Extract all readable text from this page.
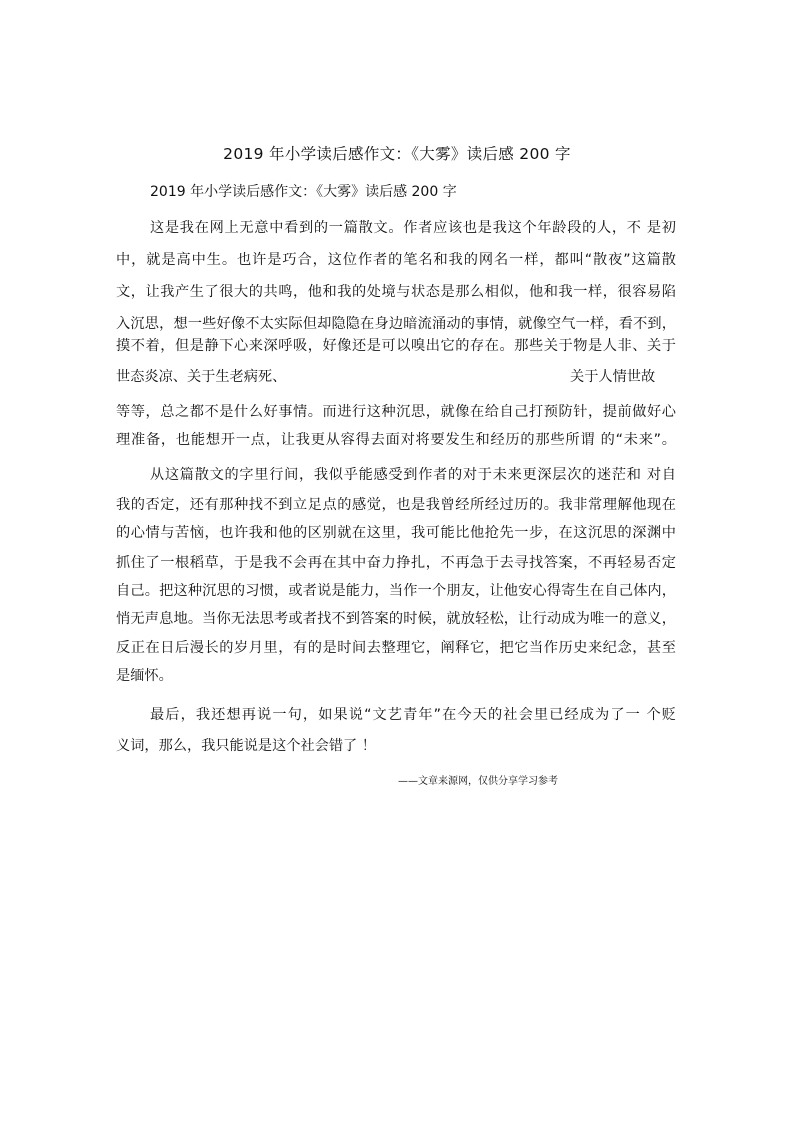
2019 年小学读后感作文：《大雾》读后感 200 字
2019 年小学读后感作文：《大雾》读后感 200 字
这是我在网上无意中看到的一篇散文。作者应该也是我这个年龄段的人，不 是初
中，就是高中生。也许是巧合，这位作者的笔名和我的网名一样，都叫“散夜”这篇散
文，让我产生了很大的共鸣，他和我的处境与状态是那么相似，他和我一样，很容易陷
入沉思，想一些好像不太实际但却隐隐在身边暗流涌动的事情，就像空气一样，看不到，
摸不着，但是静下心来深呼吸，好像还是可以嗅出它的存在。那些关于物是人非、关于
世态炎凉、关于生老病死、	关于人情世故
等等，总之都不是什么好事情。而进行这种沉思，就像在给自己打预防针，提前做好心
理准备，也能想开一点，让我更从容得去面对将要发生和经历的那些所谓 的“未来”。
从这篇散文的字里行间，我似乎能感受到作者的对于未来更深层次的迷茫和 对自
我的否定，还有那种找不到立足点的感觉，也是我曾经所经过历的。我非常理解他现在
的心情与苦恼，也许我和他的区别就在这里，我可能比他抢先一步，在这沉思的深渊中
抓住了一根稻草，于是我不会再在其中奋力挣扎，不再急于去寻找答案，不再轻易否定
自己。把这种沉思的习惯，或者说是能力，当作一个朋友，让他安心得寄生在自己体内，
悄无声息地。当你无法思考或者找不到答案的时候，就放轻松，让行动成为唯一的意义，
反正在日后漫长的岁月里，有的是时间去整理它，阐释它，把它当作历史来纪念，甚至
是缅怀。
最后，我还想再说一句，如果说“文艺青年”在今天的社会里已经成为了一 个贬
义词，那么，我只能说是这个社会错了 ！
——文章来源网，仅供分享学习参考
